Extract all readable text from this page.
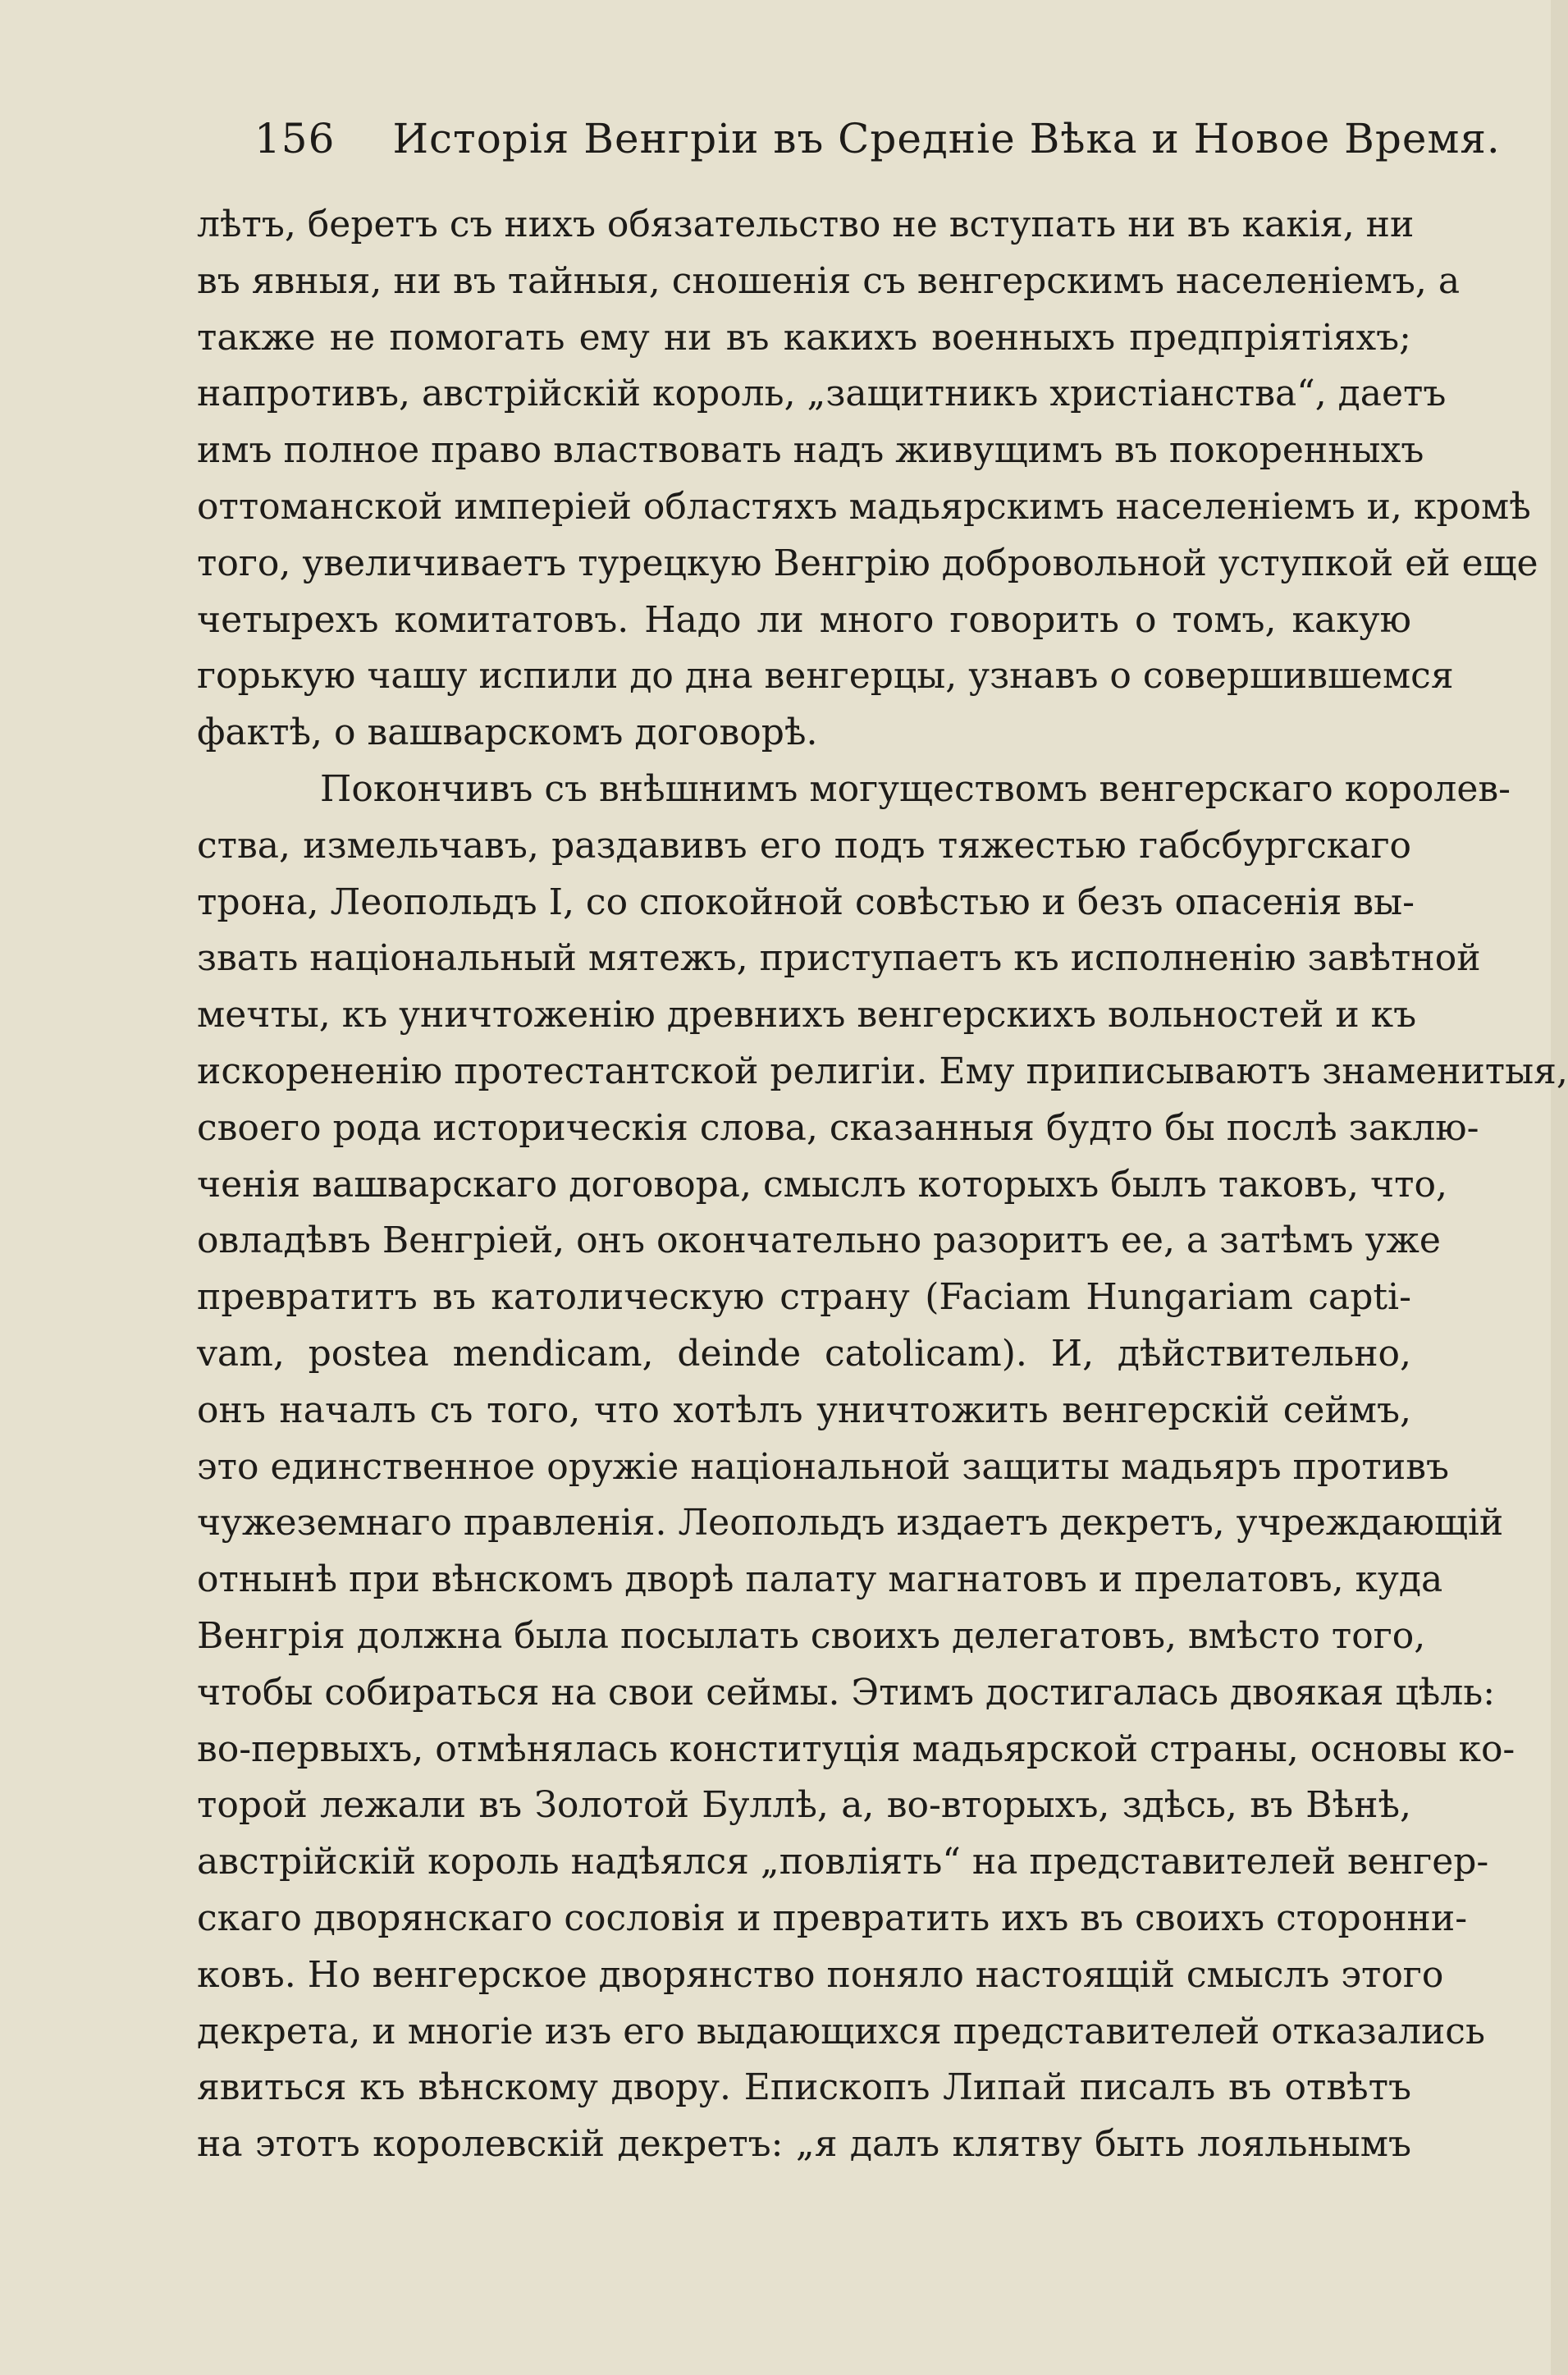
156 Исторія Венгріи въ Средніе Вѣка и Новое Время.
лѣтъ, беретъ съ нихъ обязательство не вступать ни въ какія, ни
въ явныя, ни въ тайныя, сношенія съ венгерскимъ населеніемъ, а
также не помогать ему ни въ какихъ военныхъ предпріятіяхъ;
напротивъ, австрійскій король, „защитникъ христіанства“, даетъ
имъ полное право властвовать надъ живущимъ въ покоренныхъ
оттоманской имперіей областяхъ мадьярскимъ населеніемъ и, кромѣ
того, увеличиваетъ турецкую Венгрію добровольной уступкой ей еще
четырехъ комитатовъ. Надо ли много говорить о томъ, какую
горькую чашу испили до дна венгерцы, узнавъ о совершившемся
фактѣ, о вашварскомъ договорѣ.
Покончивъ съ внѣшнимъ могуществомъ венгерскаго королев-
ства, измельчавъ, раздавивъ его подъ тяжестью габсбургскаго
трона, Леопольдъ I, со спокойной совѣстью и безъ опасенія вы-
звать національный мятежъ, приступаетъ къ исполненію завѣтной
мечты, къ уничтоженію древнихъ венгерскихъ вольностей и къ
искорененію протестантской религіи. Ему приписываютъ знаменитыя,
своего рода историческія слова, сказанныя будто бы послѣ заклю-
ченія вашварскаго договора, смыслъ которыхъ былъ таковъ, что,
овладѣвъ Венгріей, онъ окончательно разоритъ ее, а затѣмъ уже
превратитъ въ католическую страну (Faciam Hungariam capti-
vam, postea mendicam, deinde catolicam). И, дѣйствительно,
онъ началъ съ того, что хотѣлъ уничтожить венгерскій сеймъ,
это единственное оружіе національной защиты мадьяръ противъ
чужеземнаго правленія. Леопольдъ издаетъ декретъ, учреждающій
отнынѣ при вѣнскомъ дворѣ палату магнатовъ и прелатовъ, куда
Венгрія должна была посылать своихъ делегатовъ, вмѣсто того,
чтобы собираться на свои сеймы. Этимъ достигалась двоякая цѣль:
во-первыхъ, отмѣнялась конституція мадьярской страны, основы ко-
торой лежали въ Золотой Буллѣ, а, во-вторыхъ, здѣсь, въ Вѣнѣ,
австрійскій король надѣялся „повліять“ на представителей венгер-
скаго дворянскаго сословія и превратить ихъ въ своихъ сторонни-
ковъ. Но венгерское дворянство поняло настоящій смыслъ этого
декрета, и многіе изъ его выдающихся представителей отказались
явиться къ вѣнскому двору. Епископъ Липай писалъ въ отвѣтъ
на этотъ королевскій декретъ: „я далъ клятву быть лояльнымъ
